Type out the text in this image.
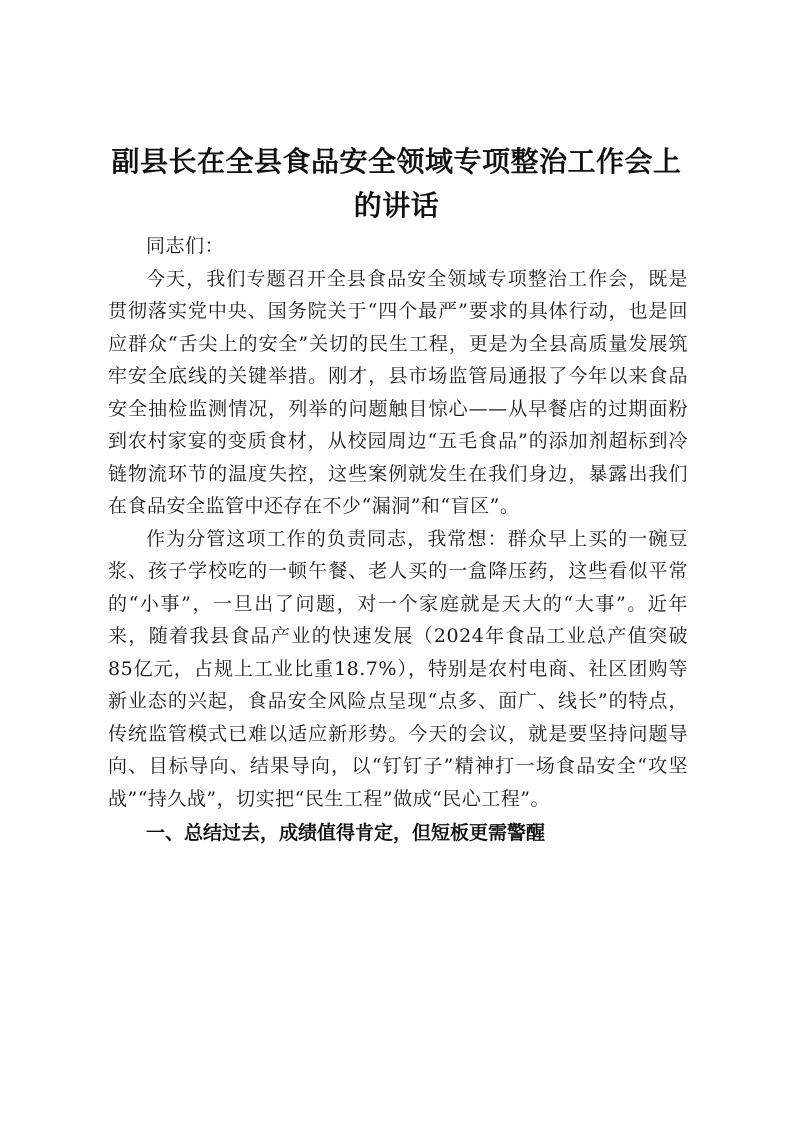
副县长在全县食品安全领域专项整治工作会上的讲话

同志们：

今天，我们专题召开全县食品安全领域专项整治工作会，既是贯彻落实党中央、国务院关于“四个最严”要求的具体行动，也是回应群众“舌尖上的安全”关切的民生工程，更是为全县高质量发展筑牢安全底线的关键举措。刚才，县市场监管局通报了今年以来食品安全抽检监测情况，列举的问题触目惊心——从早餐店的过期面粉到农村家宴的变质食材，从校园周边“五毛食品”的添加剂超标到冷链物流环节的温度失控，这些案例就发生在我们身边，暴露出我们在食品安全监管中还存在不少“漏洞”和“盲区”。

作为分管这项工作的负责同志，我常想：群众早上买的一碗豆浆、孩子学校吃的一顿午餐、老人买的一盒降压药，这些看似平常的“小事”，一旦出了问题，对一个家庭就是天大的“大事”。近年来，随着我县食品产业的快速发展（2024年食品工业总产值突破85亿元，占规上工业比重18.7%），特别是农村电商、社区团购等新业态的兴起，食品安全风险点呈现“点多、面广、线长”的特点，传统监管模式已难以适应新形势。今天的会议，就是要坚持问题导向、目标导向、结果导向，以“钉钉子”精神打一场食品安全“攻坚战”“持久战”，切实把“民生工程”做成“民心工程”。

一、总结过去，成绩值得肯定，但短板更需警醒
